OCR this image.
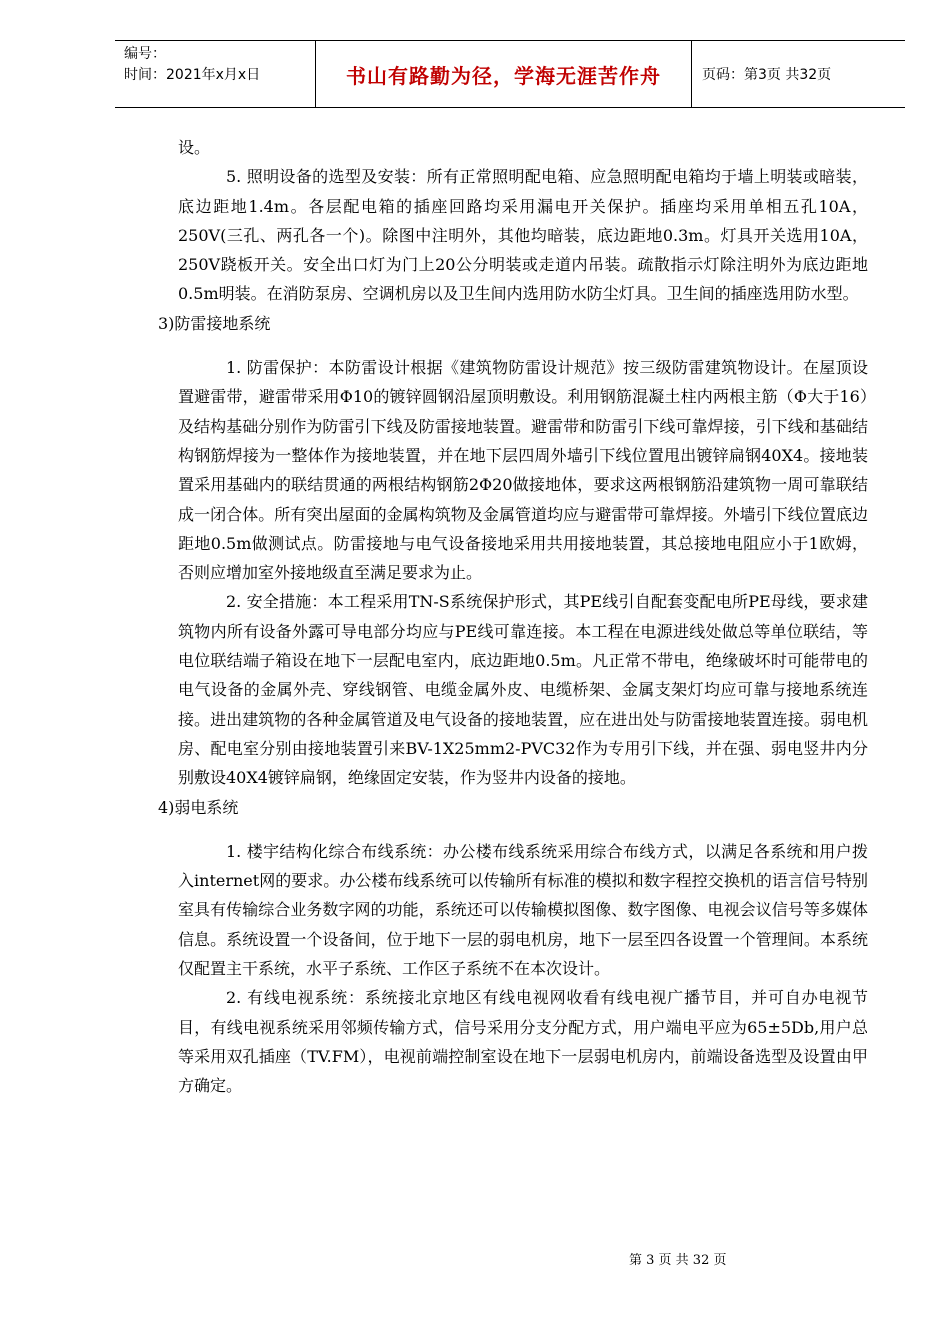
编号：
时间：2021年x月x日	书山有路勤为径，学海无涯苦作舟	页码：第3页 共32页

设。

5. 照明设备的选型及安装：所有正常照明配电箱、应急照明配电箱均于墙上明装或暗装，底边距地1.4m。各层配电箱的插座回路均采用漏电开关保护。插座均采用单相五孔10A，250V(三孔、两孔各一个)。除图中注明外，其他均暗装，底边距地0.3m。灯具开关选用10A，250V跷板开关。安全出口灯为门上20公分明装或走道内吊装。疏散指示灯除注明外为底边距地0.5m明装。在消防泵房、空调机房以及卫生间内选用防水防尘灯具。卫生间的插座选用防水型。

3)防雷接地系统

1. 防雷保护：本防雷设计根据《建筑物防雷设计规范》按三级防雷建筑物设计。在屋顶设置避雷带，避雷带采用Φ10的镀锌圆钢沿屋顶明敷设。利用钢筋混凝土柱内两根主筋（Φ大于16）及结构基础分别作为防雷引下线及防雷接地装置。避雷带和防雷引下线可靠焊接，引下线和基础结构钢筋焊接为一整体作为接地装置，并在地下层四周外墙引下线位置甩出镀锌扁钢40X4。接地装置采用基础内的联结贯通的两根结构钢筋2Φ20做接地体，要求这两根钢筋沿建筑物一周可靠联结成一闭合体。所有突出屋面的金属构筑物及金属管道均应与避雷带可靠焊接。外墙引下线位置底边距地0.5m做测试点。防雷接地与电气设备接地采用共用接地装置，其总接地电阻应小于1欧姆，否则应增加室外接地级直至满足要求为止。

2. 安全措施：本工程采用TN-S系统保护形式，其PE线引自配套变配电所PE母线，要求建筑物内所有设备外露可导电部分均应与PE线可靠连接。本工程在电源进线处做总等单位联结，等电位联结端子箱设在地下一层配电室内，底边距地0.5m。凡正常不带电，绝缘破坏时可能带电的电气设备的金属外壳、穿线钢管、电缆金属外皮、电缆桥架、金属支架灯均应可靠与接地系统连接。进出建筑物的各种金属管道及电气设备的接地装置，应在进出处与防雷接地装置连接。弱电机房、配电室分别由接地装置引来BV-1X25mm2-PVC32作为专用引下线，并在强、弱电竖井内分别敷设40X4镀锌扁钢，绝缘固定安装，作为竖井内设备的接地。

4)弱电系统

1. 楼宇结构化综合布线系统：办公楼布线系统采用综合布线方式，以满足各系统和用户拨入internet网的要求。办公楼布线系统可以传输所有标准的模拟和数字程控交换机的语言信号特别室具有传输综合业务数字网的功能，系统还可以传输模拟图像、数字图像、电视会议信号等多媒体信息。系统设置一个设备间，位于地下一层的弱电机房，地下一层至四各设置一个管理间。本系统仅配置主干系统，水平子系统、工作区子系统不在本次设计。

2. 有线电视系统：系统接北京地区有线电视网收看有线电视广播节目，并可自办电视节目，有线电视系统采用邻频传输方式，信号采用分支分配方式，用户端电平应为65±5Db,用户总等采用双孔插座（TV.FM），电视前端控制室设在地下一层弱电机房内，前端设备选型及设置由甲方确定。

第 3 页 共 32 页
